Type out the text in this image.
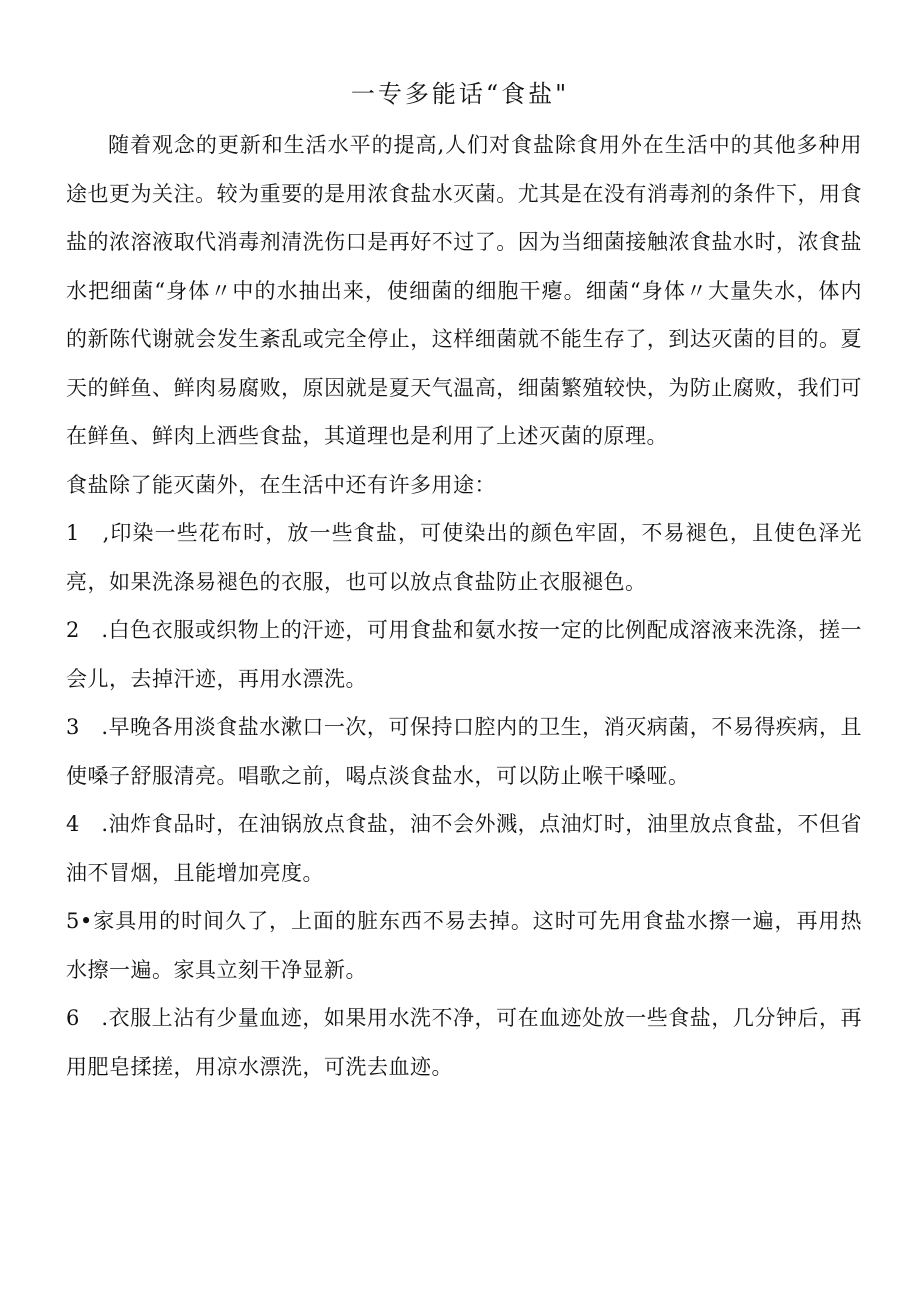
一专多能话“食盐"

随着观念的更新和生活水平的提高,人们对食盐除食用外在生活中的其他多种用途也更为关注。较为重要的是用浓食盐水灭菌。尤其是在没有消毒剂的条件下，用食盐的浓溶液取代消毒剂清洗伤口是再好不过了。因为当细菌接触浓食盐水时，浓食盐水把细菌“身体〃中的水抽出来，使细菌的细胞干瘪。细菌“身体〃大量失水，体内的新陈代谢就会发生紊乱或完全停止，这样细菌就不能生存了，到达灭菌的目的。夏天的鲜鱼、鲜肉易腐败，原因就是夏天气温高，细菌繁殖较快，为防止腐败，我们可在鲜鱼、鲜肉上洒些食盐，其道理也是利用了上述灭菌的原理。

食盐除了能灭菌外，在生活中还有许多用途：

1　,印染一些花布时，放一些食盐，可使染出的颜色牢固，不易褪色，且使色泽光亮，如果洗涤易褪色的衣服，也可以放点食盐防止衣服褪色。

2　.白色衣服或织物上的汗迹，可用食盐和氨水按一定的比例配成溶液来洗涤，搓一会儿，去掉汗迹，再用水漂洗。

3　.早晚各用淡食盐水漱口一次，可保持口腔内的卫生，消灭病菌，不易得疾病，且使嗓子舒服清亮。唱歌之前，喝点淡食盐水，可以防止喉干嗓哑。

4　.油炸食品时，在油锅放点食盐，油不会外溅，点油灯时，油里放点食盐，不但省油不冒烟，且能增加亮度。

5•家具用的时间久了，上面的脏东西不易去掉。这时可先用食盐水擦一遍，再用热水擦一遍。家具立刻干净显新。

6　.衣服上沾有少量血迹，如果用水洗不净，可在血迹处放一些食盐，几分钟后，再用肥皂揉搓，用凉水漂洗，可洗去血迹。
